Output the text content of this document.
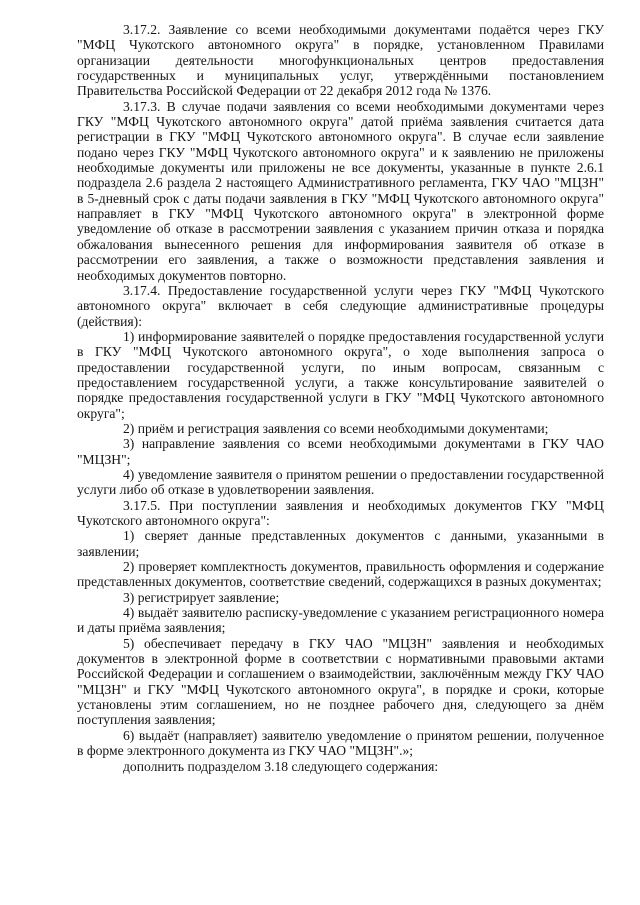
3.17.2. Заявление со всеми необходимыми документами подаётся через ГКУ "МФЦ Чукотского автономного округа" в порядке, установленном Правилами организации деятельности многофункциональных центров предоставления государственных и муниципальных услуг, утверждёнными постановлением Правительства Российской Федерации от 22 декабря 2012 года № 1376.

3.17.3. В случае подачи заявления со всеми необходимыми документами через ГКУ "МФЦ Чукотского автономного округа" датой приёма заявления считается дата регистрации в ГКУ "МФЦ Чукотского автономного округа". В случае если заявление подано через ГКУ "МФЦ Чукотского автономного округа" и к заявлению не приложены необходимые документы или приложены не все документы, указанные в пункте 2.6.1 подраздела 2.6 раздела 2 настоящего Административного регламента, ГКУ ЧАО "МЦЗН" в 5-дневный срок с даты подачи заявления в ГКУ "МФЦ Чукотского автономного округа" направляет в ГКУ "МФЦ Чукотского автономного округа" в электронной форме уведомление об отказе в рассмотрении заявления с указанием причин отказа и порядка обжалования вынесенного решения для информирования заявителя об отказе в рассмотрении его заявления, а также о возможности представления заявления и необходимых документов повторно.

3.17.4. Предоставление государственной услуги через ГКУ "МФЦ Чукотского автономного округа" включает в себя следующие административные процедуры (действия):

1) информирование заявителей о порядке предоставления государственной услуги в ГКУ "МФЦ Чукотского автономного округа", о ходе выполнения запроса о предоставлении государственной услуги, по иным вопросам, связанным с предоставлением государственной услуги, а также консультирование заявителей о порядке предоставления государственной услуги в ГКУ "МФЦ Чукотского автономного округа";

2) приём и регистрация заявления со всеми необходимыми документами;

3) направление заявления со всеми необходимыми документами в ГКУ ЧАО "МЦЗН";

4) уведомление заявителя о принятом решении о предоставлении государственной услуги либо об отказе в удовлетворении заявления.

3.17.5. При поступлении заявления и необходимых документов ГКУ "МФЦ Чукотского автономного округа":

1) сверяет данные представленных документов с данными, указанными в заявлении;

2) проверяет комплектность документов, правильность оформления и содержание представленных документов, соответствие сведений, содержащихся в разных документах;

3) регистрирует заявление;

4) выдаёт заявителю расписку-уведомление с указанием регистрационного номера и даты приёма заявления;

5) обеспечивает передачу в ГКУ ЧАО "МЦЗН" заявления и необходимых документов в электронной форме в соответствии с нормативными правовыми актами Российской Федерации и соглашением о взаимодействии, заключённым между ГКУ ЧАО "МЦЗН" и ГКУ "МФЦ Чукотского автономного округа", в порядке и сроки, которые установлены этим соглашением, но не позднее рабочего дня, следующего за днём поступления заявления;

6) выдаёт (направляет) заявителю уведомление о принятом решении, полученное в форме электронного документа из ГКУ ЧАО "МЦЗН".»;

дополнить подразделом 3.18 следующего содержания:
